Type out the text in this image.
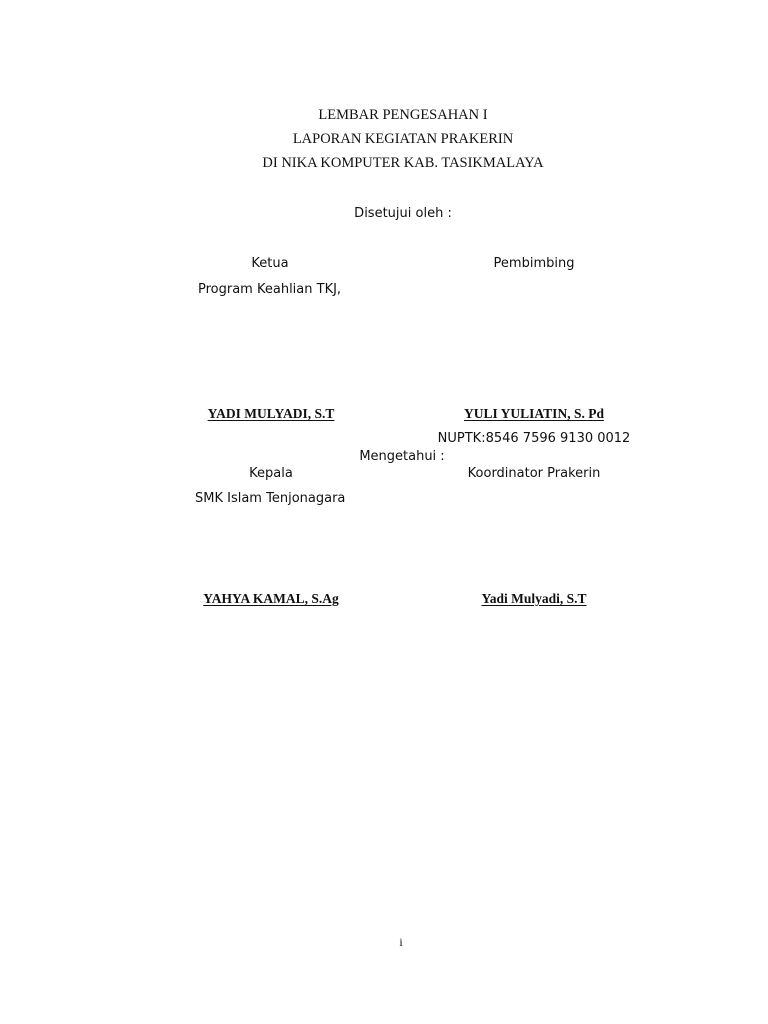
LEMBAR PENGESAHAN I
LAPORAN KEGIATAN PRAKERIN
DI NIKA KOMPUTER KAB. TASIKMALAYA
Disetujui oleh :
Ketua	Pembimbing
Program Keahlian TKJ,
YADI MULYADI, S.T	YULI YULIATIN, S. Pd
NUPTK:8546 7596 9130 0012
Mengetahui :
Kepala	Koordinator Prakerin
SMK Islam Tenjonagara
YAHYA KAMAL, S.Ag	Yadi Mulyadi, S.T
i
